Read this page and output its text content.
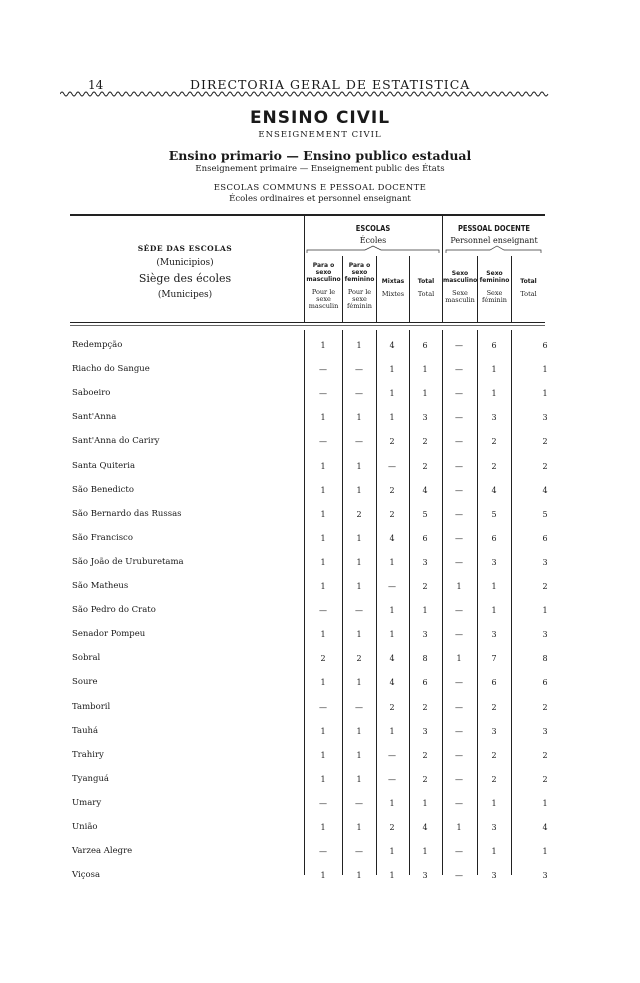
14	DIRECTORIA GERAL DE ESTATISTICA
ENSINO CIVIL
ENSEIGNEMENT CIVIL
Ensino primario — Ensino publico estadual
Enseignement primaire — Enseignement public des États
ESCOLAS COMMUNS E PESSOAL DOCENTE
Écoles ordinaires et personnel enseignant
SÉDE DAS ESCOLAS
(Municipios)
Siège des écoles
(Municipes)
ESCOLAS
Écoles
PESSOAL DOCENTE
Personnel enseignant
Para o sexo masculino
Pour le sexe masculin
Para o sexo feminino
Pour le sexe féminin
Mixtas
Mixtes
Total
Total
Sexo masculino
Sexe masculin
Sexo feminino
Sexe féminin
Total
Total
Redempção	1	1	4	6	—	6	6
Riacho do Sangue	—	—	1	1	—	1	1
Saboeiro	—	—	1	1	—	1	1
Sant'Anna	1	1	1	3	—	3	3
Sant'Anna do Cariry	—	—	2	2	—	2	2
Santa Quiteria	1	1	—	2	—	2	2
São Benedicto	1	1	2	4	—	4	4
São Bernardo das Russas	1	2	2	5	—	5	5
São Francisco	1	1	4	6	—	6	6
São João de Uruburetama	1	1	1	3	—	3	3
São Matheus	1	1	—	2	1	1	2
São Pedro do Crato	—	—	1	1	—	1	1
Senador Pompeu	1	1	1	3	—	3	3
Sobral	2	2	4	8	1	7	8
Soure	1	1	4	6	—	6	6
Tamboril	—	—	2	2	—	2	2
Tauhá	1	1	1	3	—	3	3
Trahiry	1	1	—	2	—	2	2
Tyanguá	1	1	—	2	—	2	2
Umary	—	—	1	1	—	1	1
União	1	1	2	4	1	3	4
Varzea Alegre	—	—	1	1	—	1	1
Viçosa	1	1	1	3	—	3	3
